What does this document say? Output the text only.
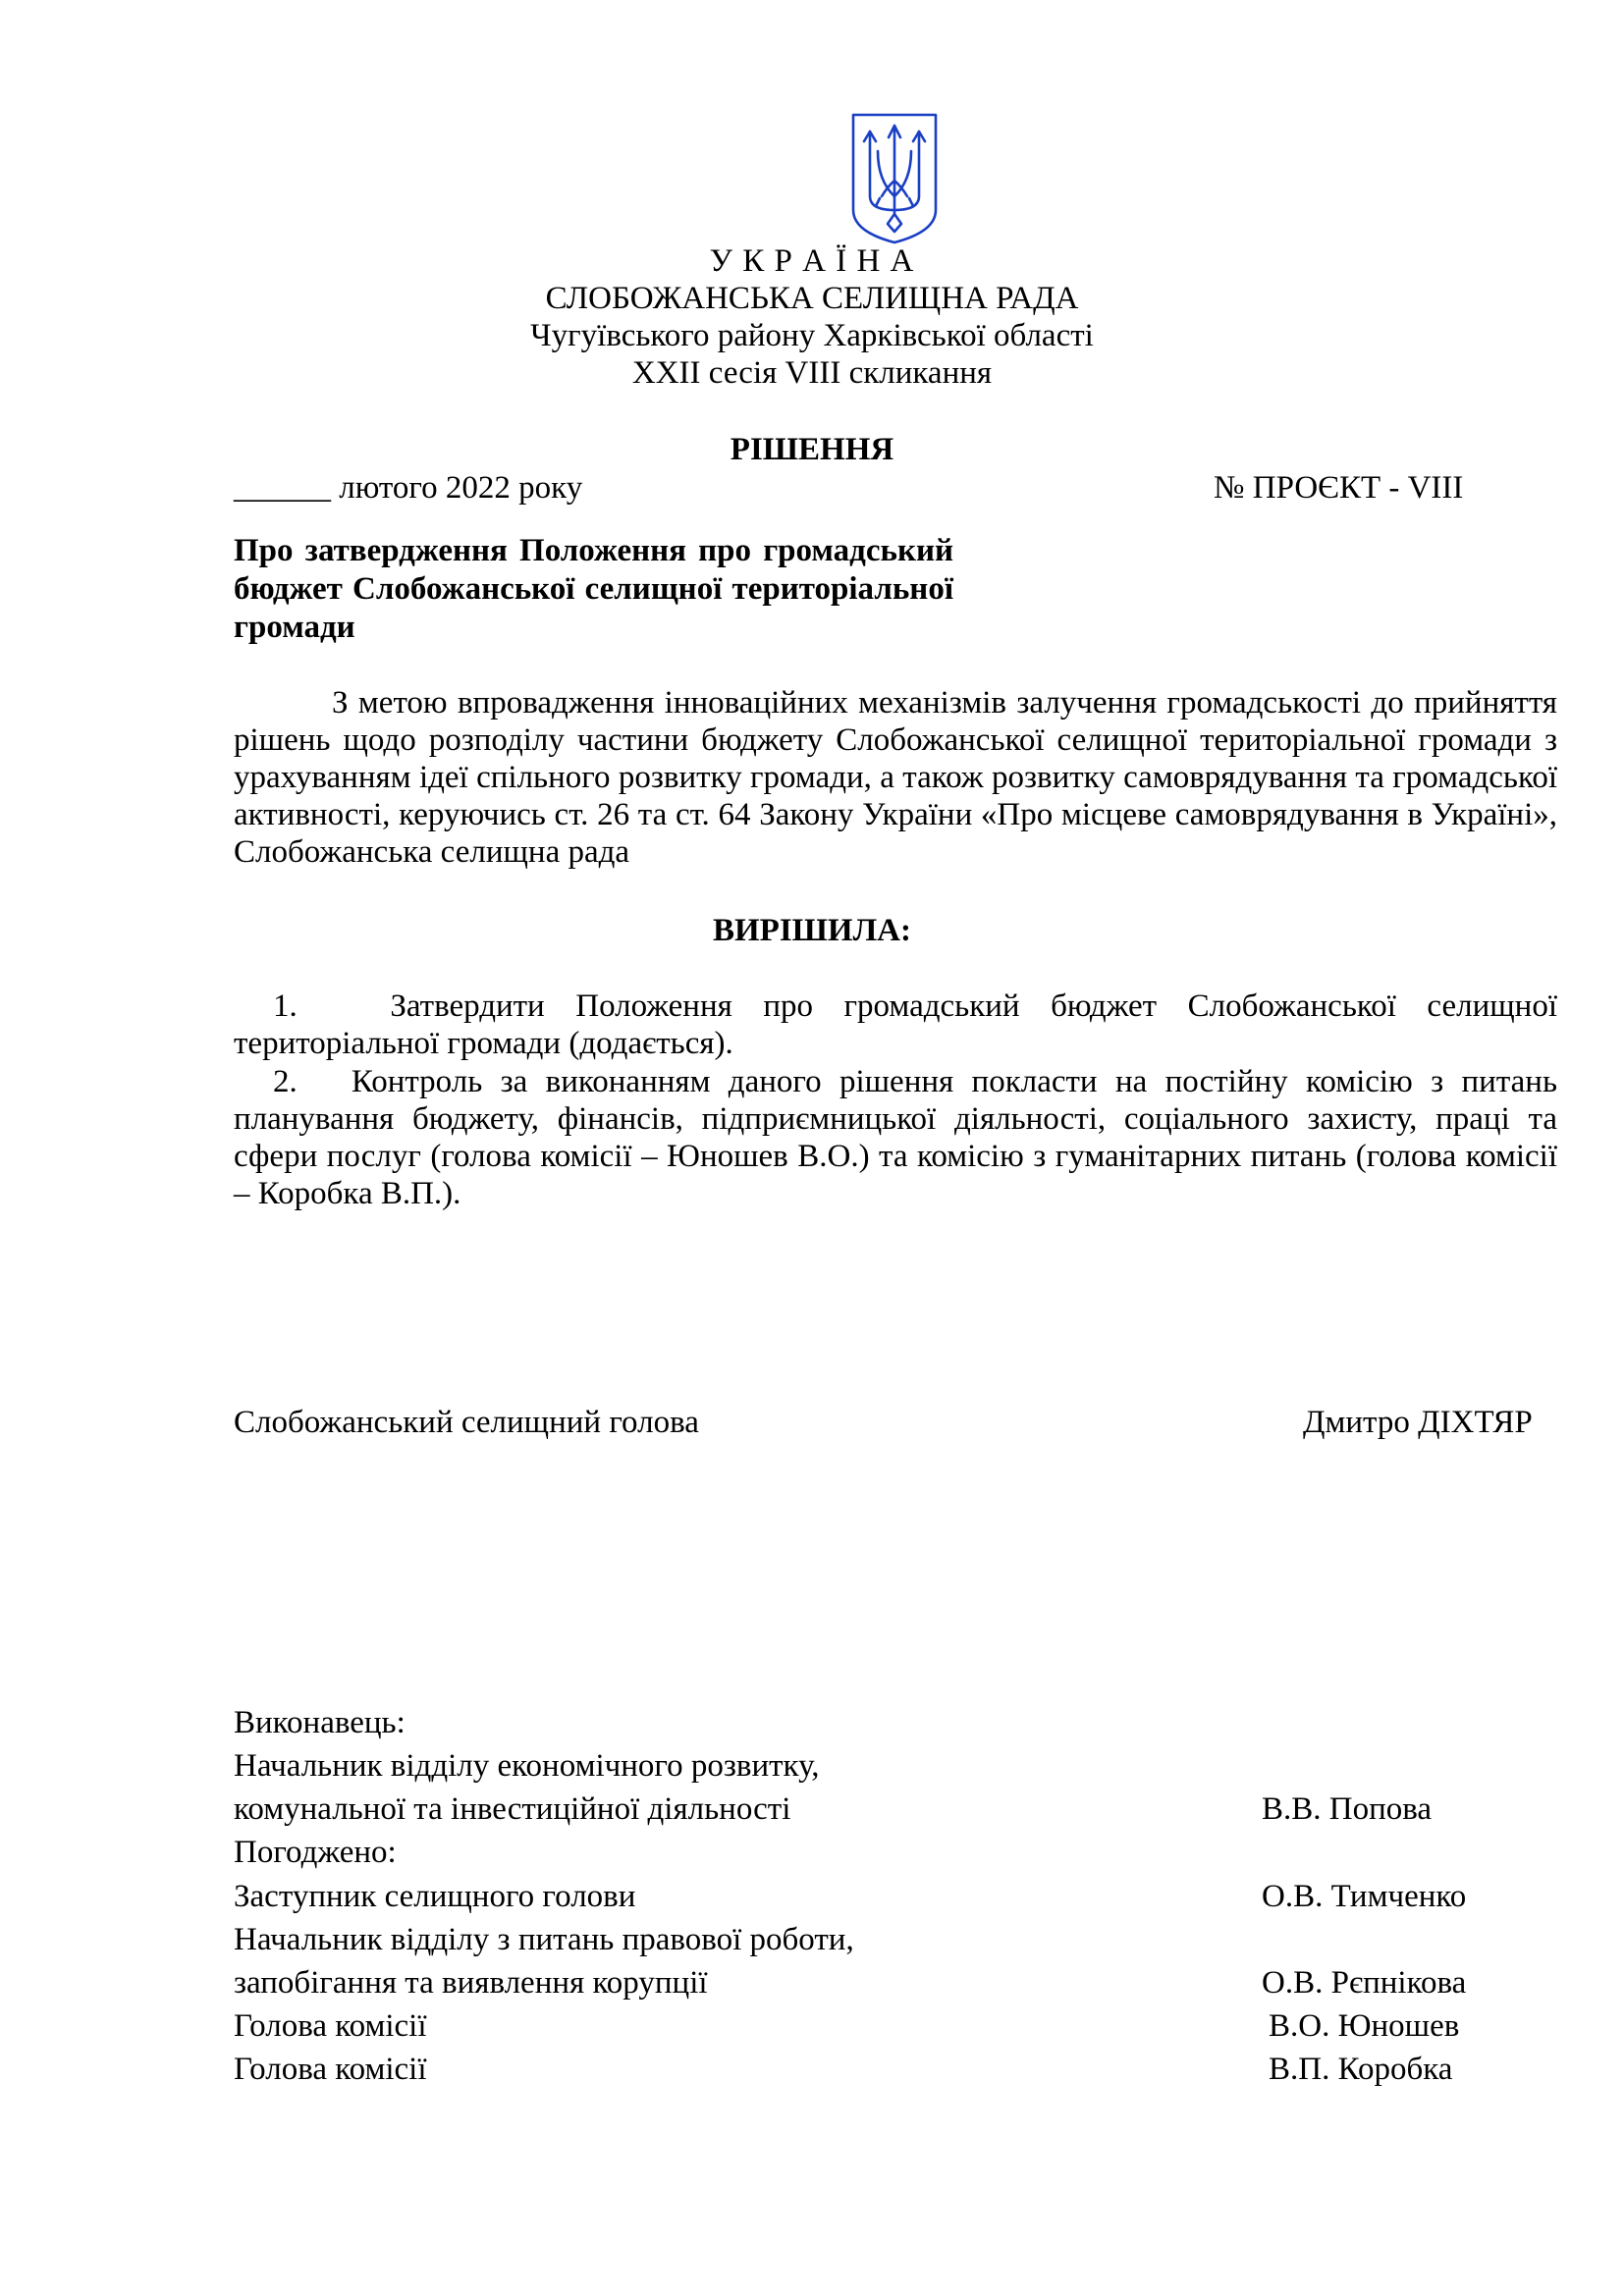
У К Р А Ї Н А
СЛОБОЖАНСЬКА СЕЛИЩНА РАДА
Чугуївського району Харківської області
XXII сесія VIII скликання
РІШЕННЯ
______ лютого 2022 року	№ ПРОЄКТ - VIII
Про затвердження Положення про громадський бюджет Слобожанської селищної територіальної громади
З метою впровадження інноваційних механізмів залучення громадськості до прийняття рішень щодо розподілу частини бюджету Слобожанської селищної територіальної громади з урахуванням ідеї спільного розвитку громади, а також розвитку самоврядування та громадської активності, керуючись ст. 26 та ст. 64 Закону України «Про місцеве самоврядування в Україні», Слобожанська селищна рада
ВИРІШИЛА:
1.	Затвердити Положення про громадський бюджет Слобожанської селищної територіальної громади (додається).
2. Контроль за виконанням даного рішення покласти на постійну комісію з питань планування бюджету, фінансів, підприємницької діяльності, соціального захисту, праці та сфери послуг (голова комісії – Юношев В.О.) та комісію з гуманітарних питань (голова комісії – Коробка В.П.).
Слобожанський селищний голова	Дмитро ДІХТЯР
Виконавець:
Начальник відділу економічного розвитку,
комунальної та інвестиційної діяльності	В.В. Попова
Погоджено:
Заступник селищного голови	О.В. Тимченко
Начальник відділу з питань правової роботи,
запобігання та виявлення корупції	О.В. Рєпнікова
Голова комісії	В.О. Юношев
Голова комісії	В.П. Коробка
